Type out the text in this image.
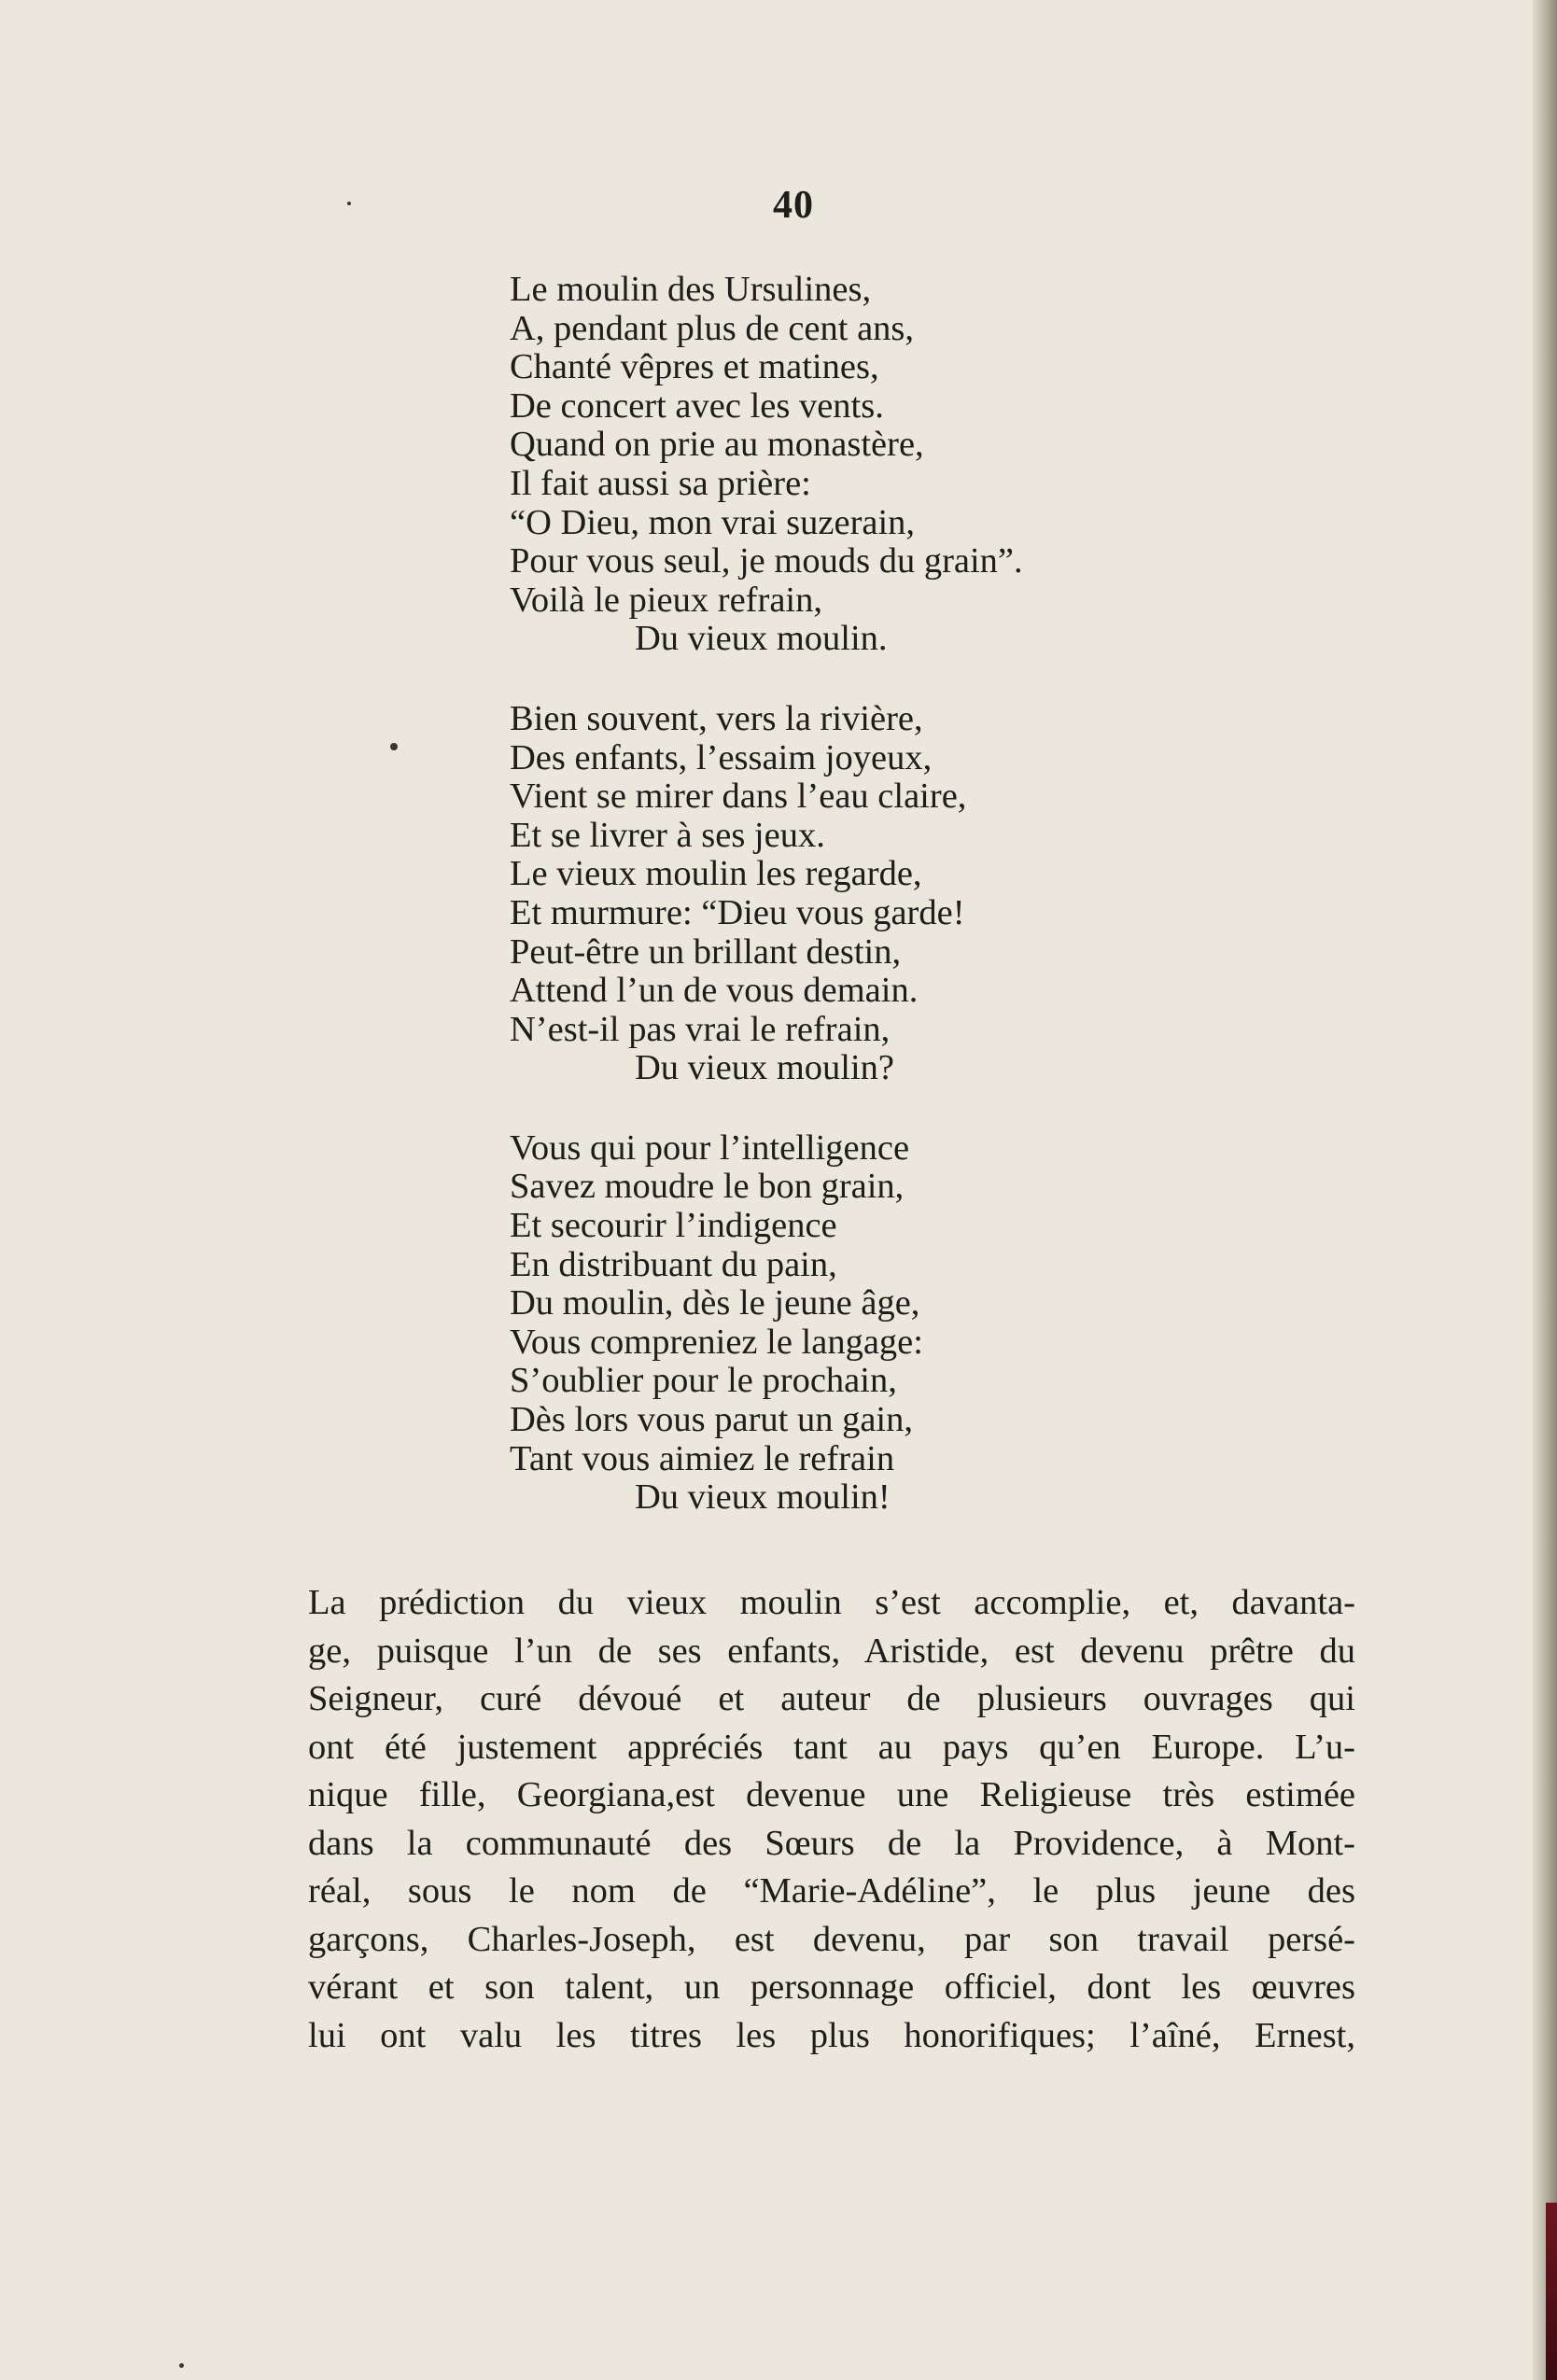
40
Le moulin des Ursulines,
A, pendant plus de cent ans,
Chanté vêpres et matines,
De concert avec les vents.
Quand on prie au monastère,
Il fait aussi sa prière:
“O Dieu, mon vrai suzerain,
Pour vous seul, je mouds du grain”.
Voilà le pieux refrain,
Du vieux moulin.
Bien souvent, vers la rivière,
Des enfants, l’essaim joyeux,
Vient se mirer dans l’eau claire,
Et se livrer à ses jeux.
Le vieux moulin les regarde,
Et murmure: “Dieu vous garde!
Peut-être un brillant destin,
Attend l’un de vous demain.
N’est-il pas vrai le refrain,
Du vieux moulin?
Vous qui pour l’intelligence
Savez moudre le bon grain,
Et secourir l’indigence
En distribuant du pain,
Du moulin, dès le jeune âge,
Vous compreniez le langage:
S’oublier pour le prochain,
Dès lors vous parut un gain,
Tant vous aimiez le refrain
Du vieux moulin!
La prédiction du vieux moulin s’est accomplie, et, davanta-
ge, puisque l’un de ses enfants, Aristide, est devenu prêtre du
Seigneur, curé dévoué et auteur de plusieurs ouvrages qui
ont été justement appréciés tant au pays qu’en Europe. L’u-
nique fille, Georgiana,est devenue une Religieuse très estimée
dans la communauté des Sœurs de la Providence, à Mont-
réal, sous le nom de “Marie-Adéline”, le plus jeune des
garçons, Charles-Joseph, est devenu, par son travail persé-
vérant et son talent, un personnage officiel, dont les œuvres
lui ont valu les titres les plus honorifiques; l’aîné, Ernest,
